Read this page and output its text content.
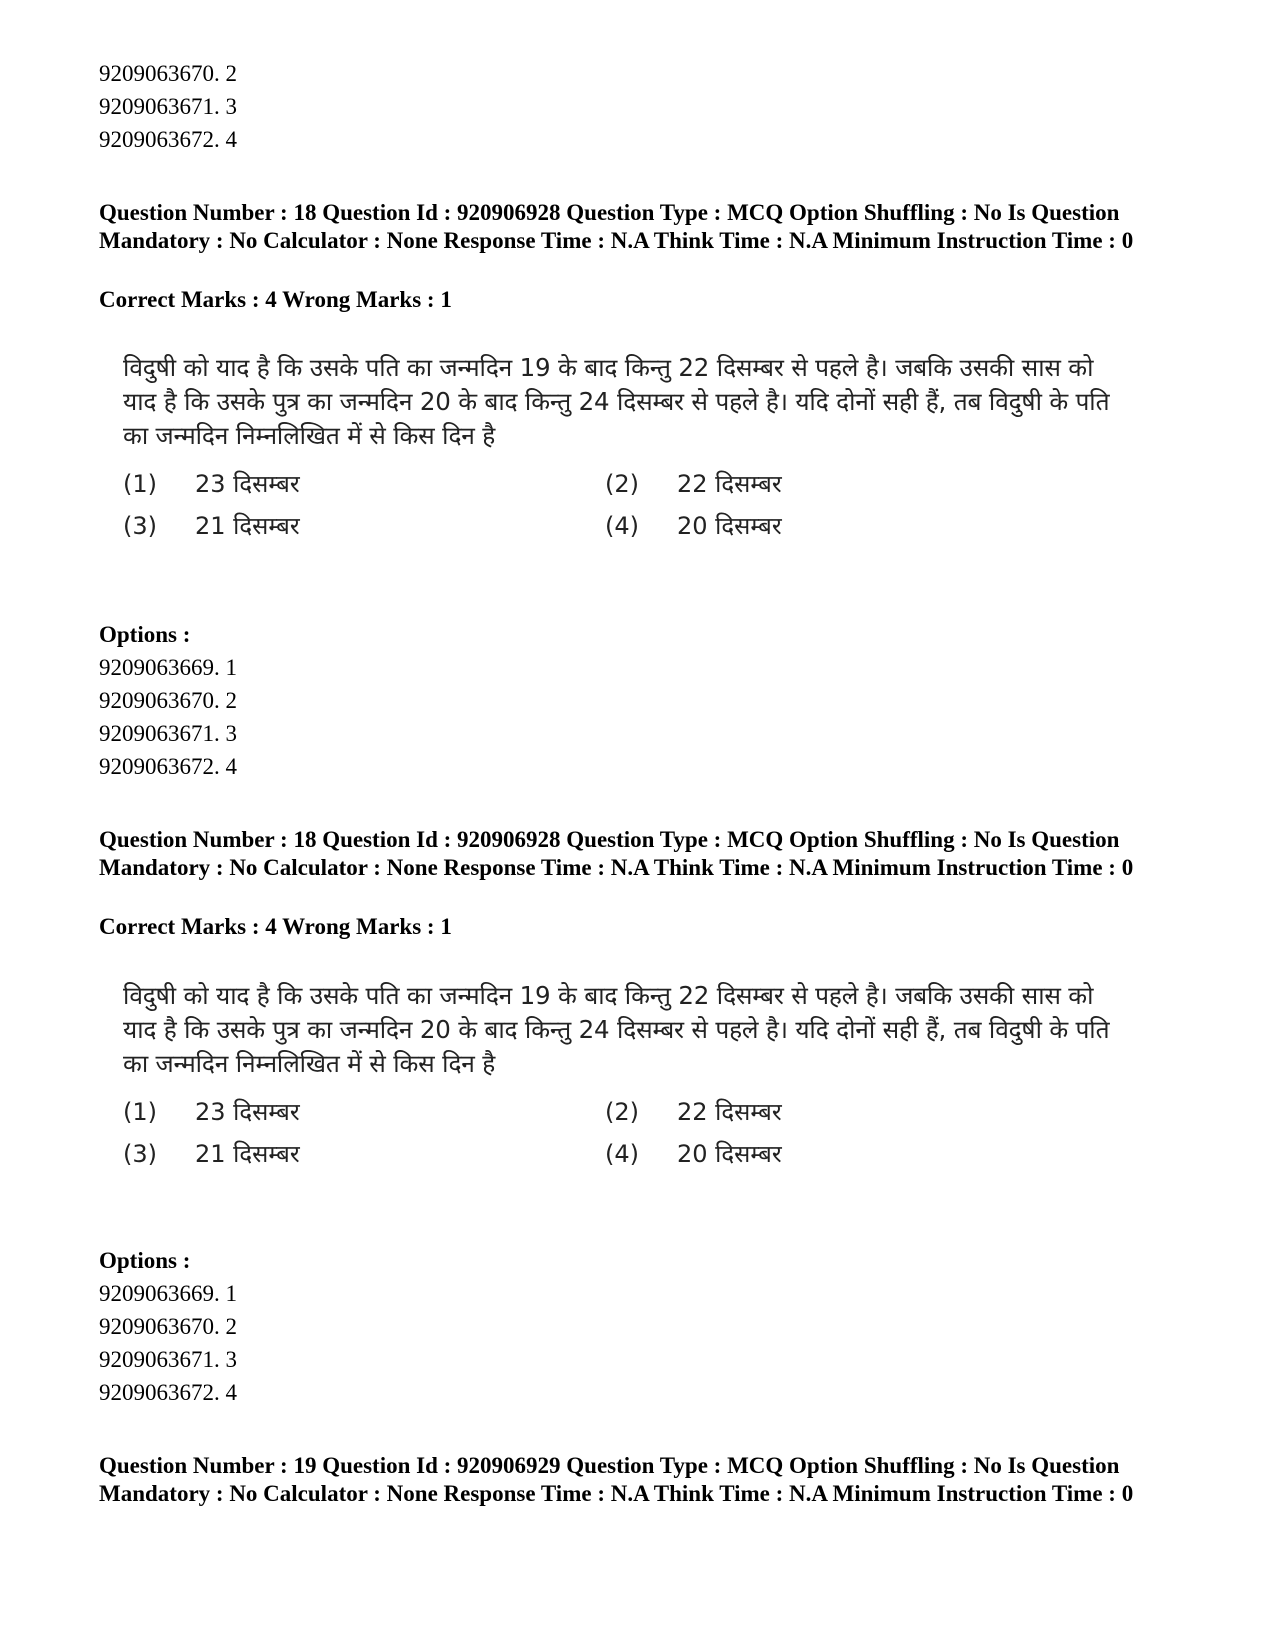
9209063670. 2
9209063671. 3
9209063672. 4
Question Number : 18 Question Id : 920906928 Question Type : MCQ Option Shuffling : No Is Question Mandatory : No Calculator : None Response Time : N.A Think Time : N.A Minimum Instruction Time : 0
Correct Marks : 4 Wrong Marks : 1
विदुषी को याद है कि उसके पति का जन्मदिन 19 के बाद किन्तु 22 दिसम्बर से पहले है। जबकि उसकी सास को याद है कि उसके पुत्र का जन्मदिन 20 के बाद किन्तु 24 दिसम्बर से पहले है। यदि दोनों सही हैं, तब विदुषी के पति का जन्मदिन निम्नलिखित में से किस दिन है
(1) 23 दिसम्बर	(2) 22 दिसम्बर
(3) 21 दिसम्बर	(4) 20 दिसम्बर
Options :
9209063669. 1
9209063670. 2
9209063671. 3
9209063672. 4
Question Number : 18 Question Id : 920906928 Question Type : MCQ Option Shuffling : No Is Question Mandatory : No Calculator : None Response Time : N.A Think Time : N.A Minimum Instruction Time : 0
Correct Marks : 4 Wrong Marks : 1
विदुषी को याद है कि उसके पति का जन्मदिन 19 के बाद किन्तु 22 दिसम्बर से पहले है। जबकि उसकी सास को याद है कि उसके पुत्र का जन्मदिन 20 के बाद किन्तु 24 दिसम्बर से पहले है। यदि दोनों सही हैं, तब विदुषी के पति का जन्मदिन निम्नलिखित में से किस दिन है
(1) 23 दिसम्बर	(2) 22 दिसम्बर
(3) 21 दिसम्बर	(4) 20 दिसम्बर
Options :
9209063669. 1
9209063670. 2
9209063671. 3
9209063672. 4
Question Number : 19 Question Id : 920906929 Question Type : MCQ Option Shuffling : No Is Question Mandatory : No Calculator : None Response Time : N.A Think Time : N.A Minimum Instruction Time : 0
